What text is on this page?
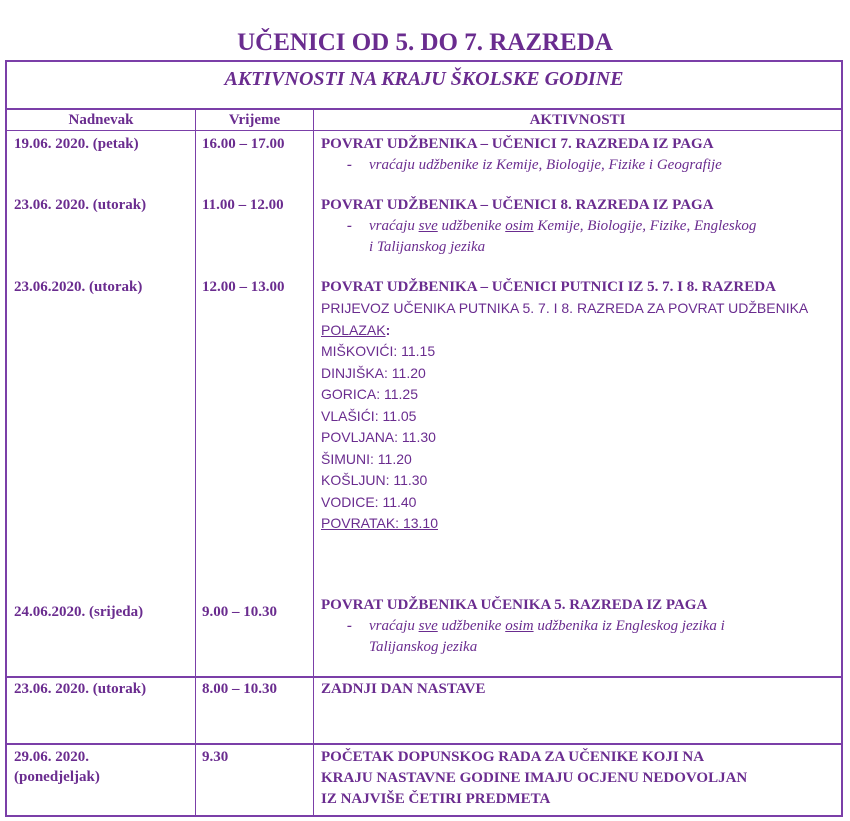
UČENICI OD 5. DO 7. RAZREDA
AKTIVNOSTI NA KRAJU ŠKOLSKE GODINE
Nadnevak	Vrijeme	AKTIVNOSTI
19.06. 2020. (petak)	16.00 – 17.00 POVRAT UDŽBENIKA – UČENICI 7. RAZREDA IZ PAGA
- vraćaju udžbenike iz Kemije, Biologije, Fizike i Geografije
23.06. 2020. (utorak)	11.00 – 12.00 POVRAT UDŽBENIKA – UČENICI 8. RAZREDA IZ PAGA
- vraćaju sve udžbenike osim Kemije, Biologije, Fizike, Engleskog
i Talijanskog jezika
23.06.2020. (utorak)	12.00 – 13.00 POVRAT UDŽBENIKA – UČENICI PUTNICI IZ 5. 7. I 8. RAZREDA
PRIJEVOZ UČENIKA PUTNIKA 5. 7. I 8. RAZREDA ZA POVRAT UDŽBENIKA
POLAZAK:
MIŠKOVIĆI: 11.15
DINJIŠKA: 11.20
GORICA: 11.25
VLAŠIĆI: 11.05
POVLJANA: 11.30
ŠIMUNI: 11.20
KOŠLJUN: 11.30
VODICE: 11.40
POVRATAK: 13.10
24.06.2020. (srijeda)	9.00 – 10.30	POVRAT UDŽBENIKA UČENIKA 5. RAZREDA IZ PAGA
- vraćaju sve udžbenike osim udžbenika iz Engleskog jezika i
Talijanskog jezika
23.06. 2020. (utorak)	8.00 – 10.30	ZADNJI DAN NASTAVE
29.06. 2020.
(ponedjeljak)
9.30	POČETAK DOPUNSKOG RADA ZA UČENIKE KOJI NA
KRAJU NASTAVNE GODINE IMAJU OCJENU NEDOVOLJAN
IZ NAJVIŠE ČETIRI PREDMETA
